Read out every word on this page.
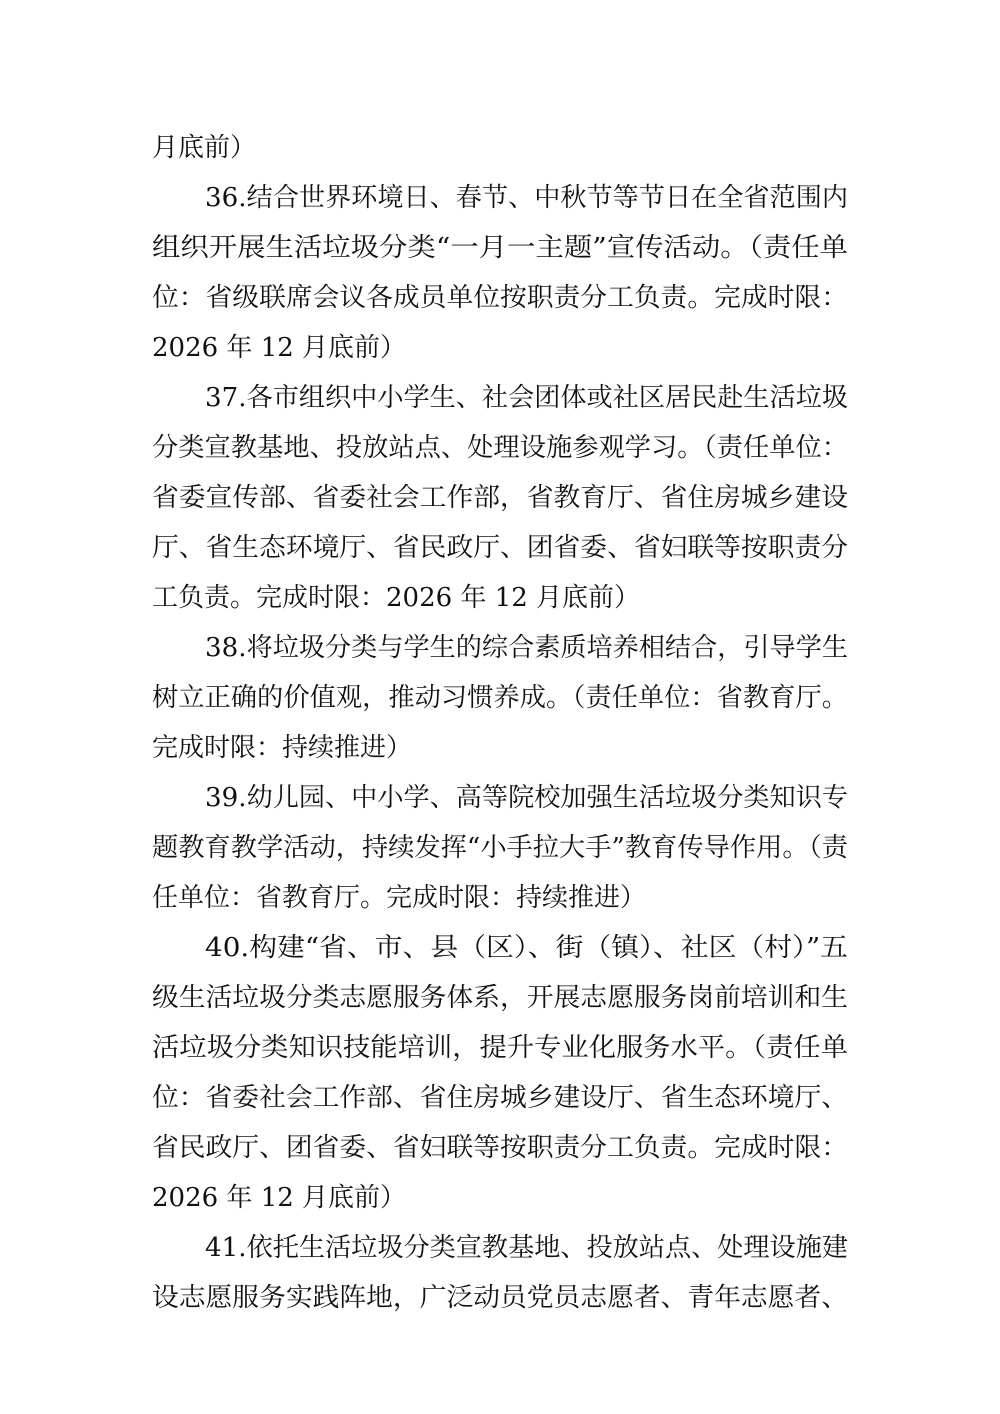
月底前）
36.结合世界环境日、春节、中秋节等节日在全省范围内
组织开展生活垃圾分类“一月一主题”宣传活动。（责任单
位：省级联席会议各成员单位按职责分工负责。完成时限：
2026 年 12 月底前）
37.各市组织中小学生、社会团体或社区居民赴生活垃圾
分类宣教基地、投放站点、处理设施参观学习。（责任单位：
省委宣传部、省委社会工作部，省教育厅、省住房城乡建设
厅、省生态环境厅、省民政厅、团省委、省妇联等按职责分
工负责。完成时限：2026 年 12 月底前）
38.将垃圾分类与学生的综合素质培养相结合，引导学生
树立正确的价值观，推动习惯养成。（责任单位：省教育厅。
完成时限：持续推进）
39.幼儿园、中小学、高等院校加强生活垃圾分类知识专
题教育教学活动，持续发挥“小手拉大手”教育传导作用。（责
任单位：省教育厅。完成时限：持续推进）
40.构建“省、市、县（区）、街（镇）、社区（村）”五
级生活垃圾分类志愿服务体系，开展志愿服务岗前培训和生
活垃圾分类知识技能培训，提升专业化服务水平。（责任单
位：省委社会工作部、省住房城乡建设厅、省生态环境厅、
省民政厅、团省委、省妇联等按职责分工负责。完成时限：
2026 年 12 月底前）
41.依托生活垃圾分类宣教基地、投放站点、处理设施建
设志愿服务实践阵地，广泛动员党员志愿者、青年志愿者、
